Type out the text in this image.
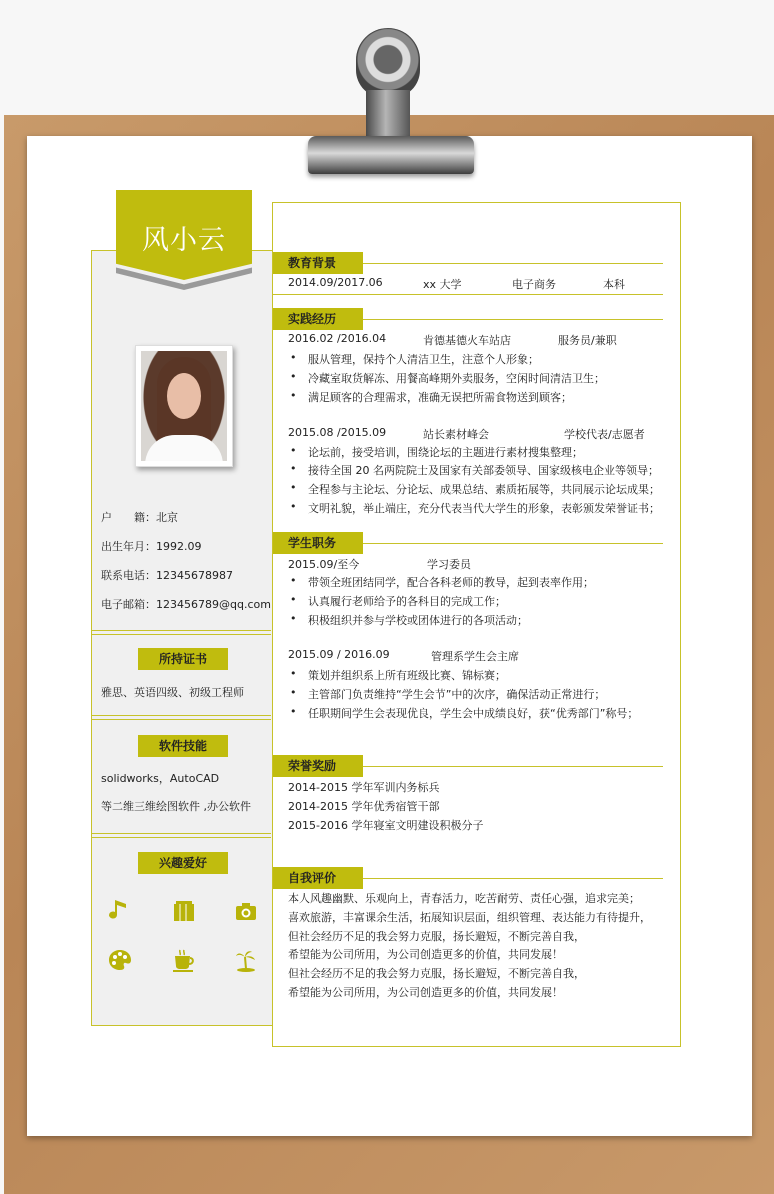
风小云
户　　籍：北京
出生年月：1992.09
联系电话：12345678987
电子邮箱：123456789@qq.com
所持证书
雅思、英语四级、初级工程师
软件技能
solidworks，AutoCAD
等二维三维绘图软件 ,办公软件
兴趣爱好
教育背景
2014.09/2017.06	xx 大学	电子商务	本科
实践经历
2016.02 /2016.04	肯德基德火车站店	服务员/兼职
• 服从管理，保持个人清洁卫生，注意个人形象；
• 冷藏室取货解冻、用餐高峰期外卖服务，空闲时间清洁卫生；
• 满足顾客的合理需求，准确无误把所需食物送到顾客；
2015.08 /2015.09	站长素材峰会	学校代表/志愿者
• 论坛前，接受培训，围绕论坛的主题进行素材搜集整理；
• 接待全国 20 名两院院士及国家有关部委领导、国家级核电企业等领导；
• 全程参与主论坛、分论坛、成果总结、素质拓展等，共同展示论坛成果；
• 文明礼貌，举止端庄，充分代表当代大学生的形象，表彰颁发荣誉证书；
学生职务
2015.09/至今	学习委员
• 带领全班团结同学，配合各科老师的教导，起到表率作用；
• 认真履行老师给予的各科目的完成工作；
• 积极组织并参与学校或团体进行的各项活动；
2015.09 / 2016.09	管理系学生会主席
• 策划并组织系上所有班级比赛、锦标赛；
• 主管部门负责维持“学生会节”中的次序，确保活动正常进行；
• 任职期间学生会表现优良，学生会中成绩良好，获“优秀部门”称号；
荣誉奖励
2014-2015 学年军训内务标兵
2014-2015 学年优秀宿管干部
2015-2016 学年寝室文明建设积极分子
自我评价
本人风趣幽默、乐观向上，青春活力，吃苦耐劳、责任心强，追求完美；
喜欢旅游，丰富课余生活，拓展知识层面，组织管理、表达能力有待提升，
但社会经历不足的我会努力克服，扬长避短，不断完善自我，
希望能为公司所用，为公司创造更多的价值，共同发展！
但社会经历不足的我会努力克服，扬长避短，不断完善自我，
希望能为公司所用，为公司创造更多的价值，共同发展！
